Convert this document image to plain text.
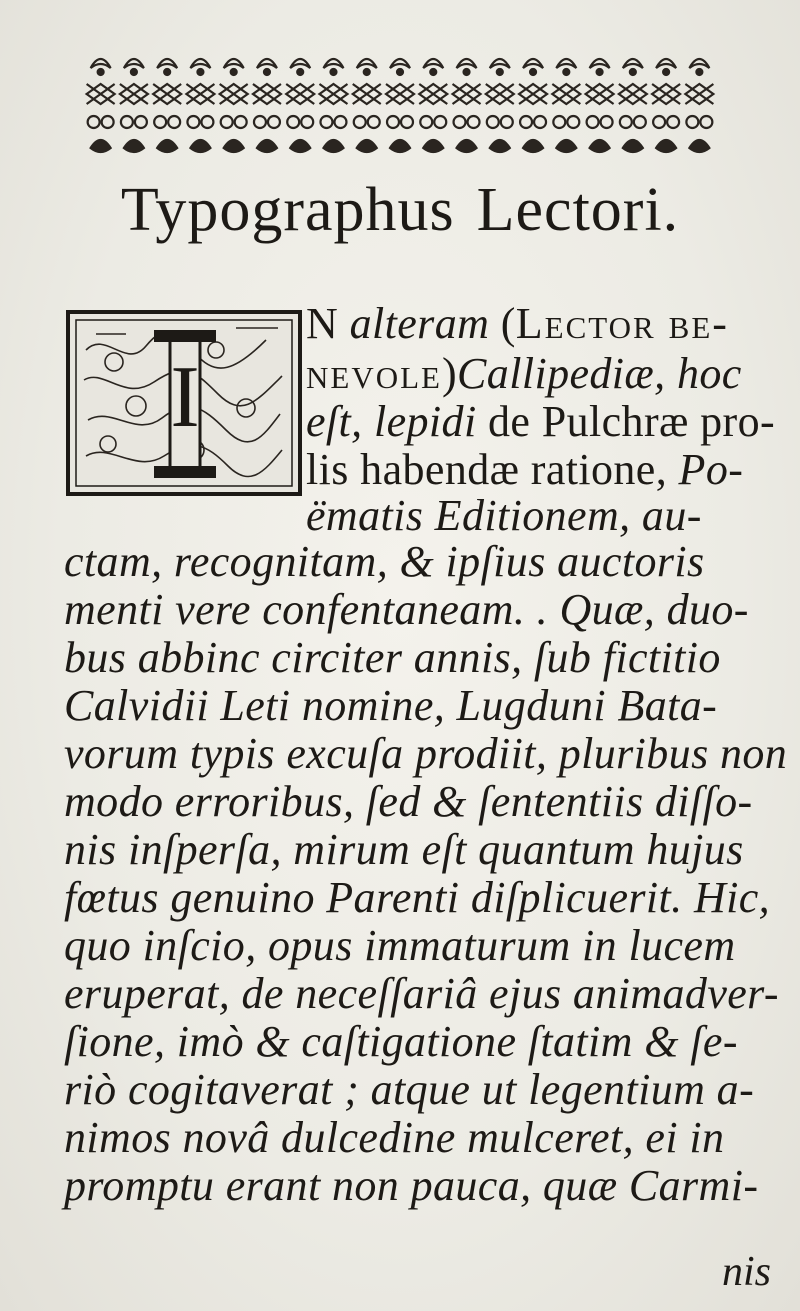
Typographus Lectori.
I
N alteram (Lector be-
nevole)Callipediæ, hoc
eſt, lepidi de Pulchræ pro-
lis habendæ ratione, Po-
ëmatis Editionem, au-
ctam, recognitam, & ipſius auctoris
menti vere confentaneam. . Quæ, duo-
bus abbinc circiter annis, ſub fictitio
Calvidii Leti nomine, Lugduni Bata-
vorum typis excuſa prodiit, pluribus non
modo erroribus, ſed & ſententiis diſſo-
nis inſperſa, mirum eſt quantum hujus
fœtus genuino Parenti diſplicuerit. Hic,
quo inſcio, opus immaturum in lucem
eruperat, de neceſſariâ ejus animadver-
ſione, imò & caſtigatione ſtatim & ſe-
riò cogitaverat ; atque ut legentium a-
nimos novâ dulcedine mulceret, ei in
promptu erant non pauca, quæ Carmi-
nis
